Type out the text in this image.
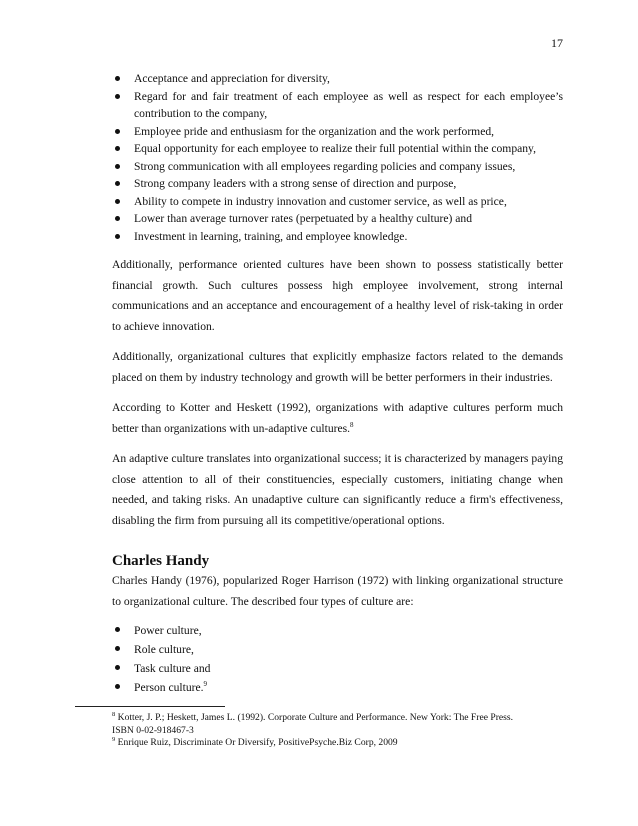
17
Acceptance and appreciation for diversity,
Regard for and fair treatment of each employee as well as respect for each employee’s contribution to the company,
Employee pride and enthusiasm for the organization and the work performed,
Equal opportunity for each employee to realize their full potential within the company,
Strong communication with all employees regarding policies and company issues,
Strong company leaders with a strong sense of direction and purpose,
Ability to compete in industry innovation and customer service, as well as price,
Lower than average turnover rates (perpetuated by a healthy culture) and
Investment in learning, training, and employee knowledge.

Additionally, performance oriented cultures have been shown to possess statistically better financial growth. Such cultures possess high employee involvement, strong internal communications and an acceptance and encouragement of a healthy level of risk-taking in order to achieve innovation.

Additionally, organizational cultures that explicitly emphasize factors related to the demands placed on them by industry technology and growth will be better performers in their industries.

According to Kotter and Heskett (1992), organizations with adaptive cultures perform much better than organizations with un-adaptive cultures.$^8$

An adaptive culture translates into organizational success; it is characterized by managers paying close attention to all of their constituencies, especially customers, initiating change when needed, and taking risks. An unadaptive culture can significantly reduce a firm's effectiveness, disabling the firm from pursuing all its competitive/operational options.

Charles Handy

Charles Handy (1976), popularized Roger Harrison (1972) with linking organizational structure to organizational culture. The described four types of culture are:

Power culture,
Role culture,
Task culture and
Person culture.$^9$
$^8$ Kotter, J. P.; Heskett, James L. (1992). Corporate Culture and Performance. New York: The Free Press.
ISBN 0-02-918467-3
$^9$ Enrique Ruiz, Discriminate Or Diversify, PositivePsyche.Biz Corp, 2009
